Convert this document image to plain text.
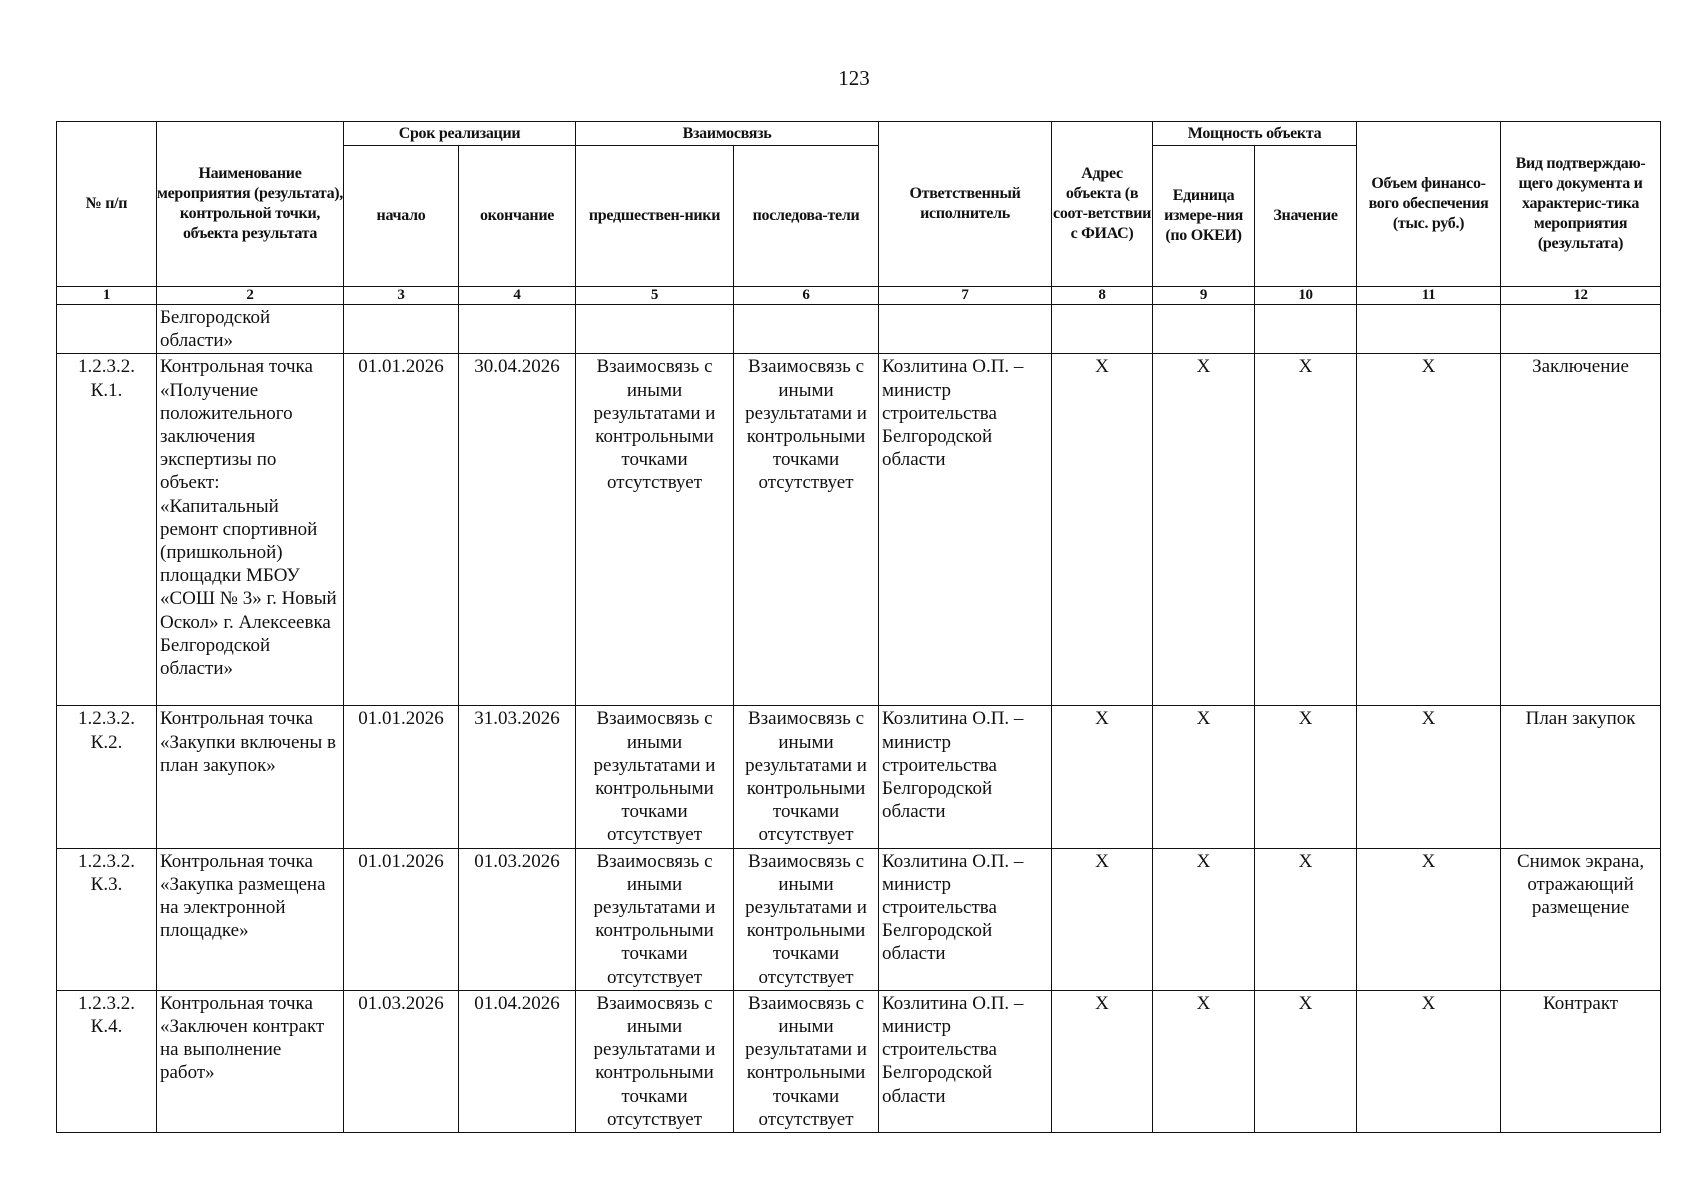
123
№ п/п	Наименование мероприятия (результата), контрольной точки, объекта результата	Срок реализации		Взаимосвязь		Ответственный исполнитель	Адрес объекта (в соот-ветствии с ФИАС)	Мощность объекта		Объем финансо-вого обеспечения (тыс. руб.)	Вид подтверждаю-щего документа и характерис-тика мероприятия (результата)
		начало	окончание	предшествен-ники	последова-тели			Единица измере-ния (по ОКЕИ)	Значение		
1	2	3	4	5	6	7	8	9	10	11	12
	Белгородской области»										
1.2.3.2. К.1.	Контрольная точка «Получение положительного заключения экспертизы по объект: «Капитальный ремонт спортивной (пришкольной) площадки МБОУ «СОШ № 3» г. Новый Оскол» г. Алексеевка Белгородской области»	01.01.2026	30.04.2026	Взаимосвязь с иными результатами и контрольными точками отсутствует	Взаимосвязь с иными результатами и контрольными точками отсутствует	Козлитина О.П. – министр строительства Белгородской области	Х	Х	Х	Х	Заключение
1.2.3.2. К.2.	Контрольная точка «Закупки включены в план закупок»	01.01.2026	31.03.2026	Взаимосвязь с иными результатами и контрольными точками отсутствует	Взаимосвязь с иными результатами и контрольными точками отсутствует	Козлитина О.П. – министр строительства Белгородской области	Х	Х	Х	Х	План закупок
1.2.3.2. К.3.	Контрольная точка «Закупка размещена на электронной площадке»	01.01.2026	01.03.2026	Взаимосвязь с иными результатами и контрольными точками отсутствует	Взаимосвязь с иными результатами и контрольными точками отсутствует	Козлитина О.П. – министр строительства Белгородской области	Х	Х	Х	Х	Снимок экрана, отражающий размещение
1.2.3.2. К.4.	Контрольная точка «Заключен контракт на выполнение работ»	01.03.2026	01.04.2026	Взаимосвязь с иными результатами и контрольными точками отсутствует	Взаимосвязь с иными результатами и контрольными точками отсутствует	Козлитина О.П. – министр строительства Белгородской области	Х	Х	Х	Х	Контракт
